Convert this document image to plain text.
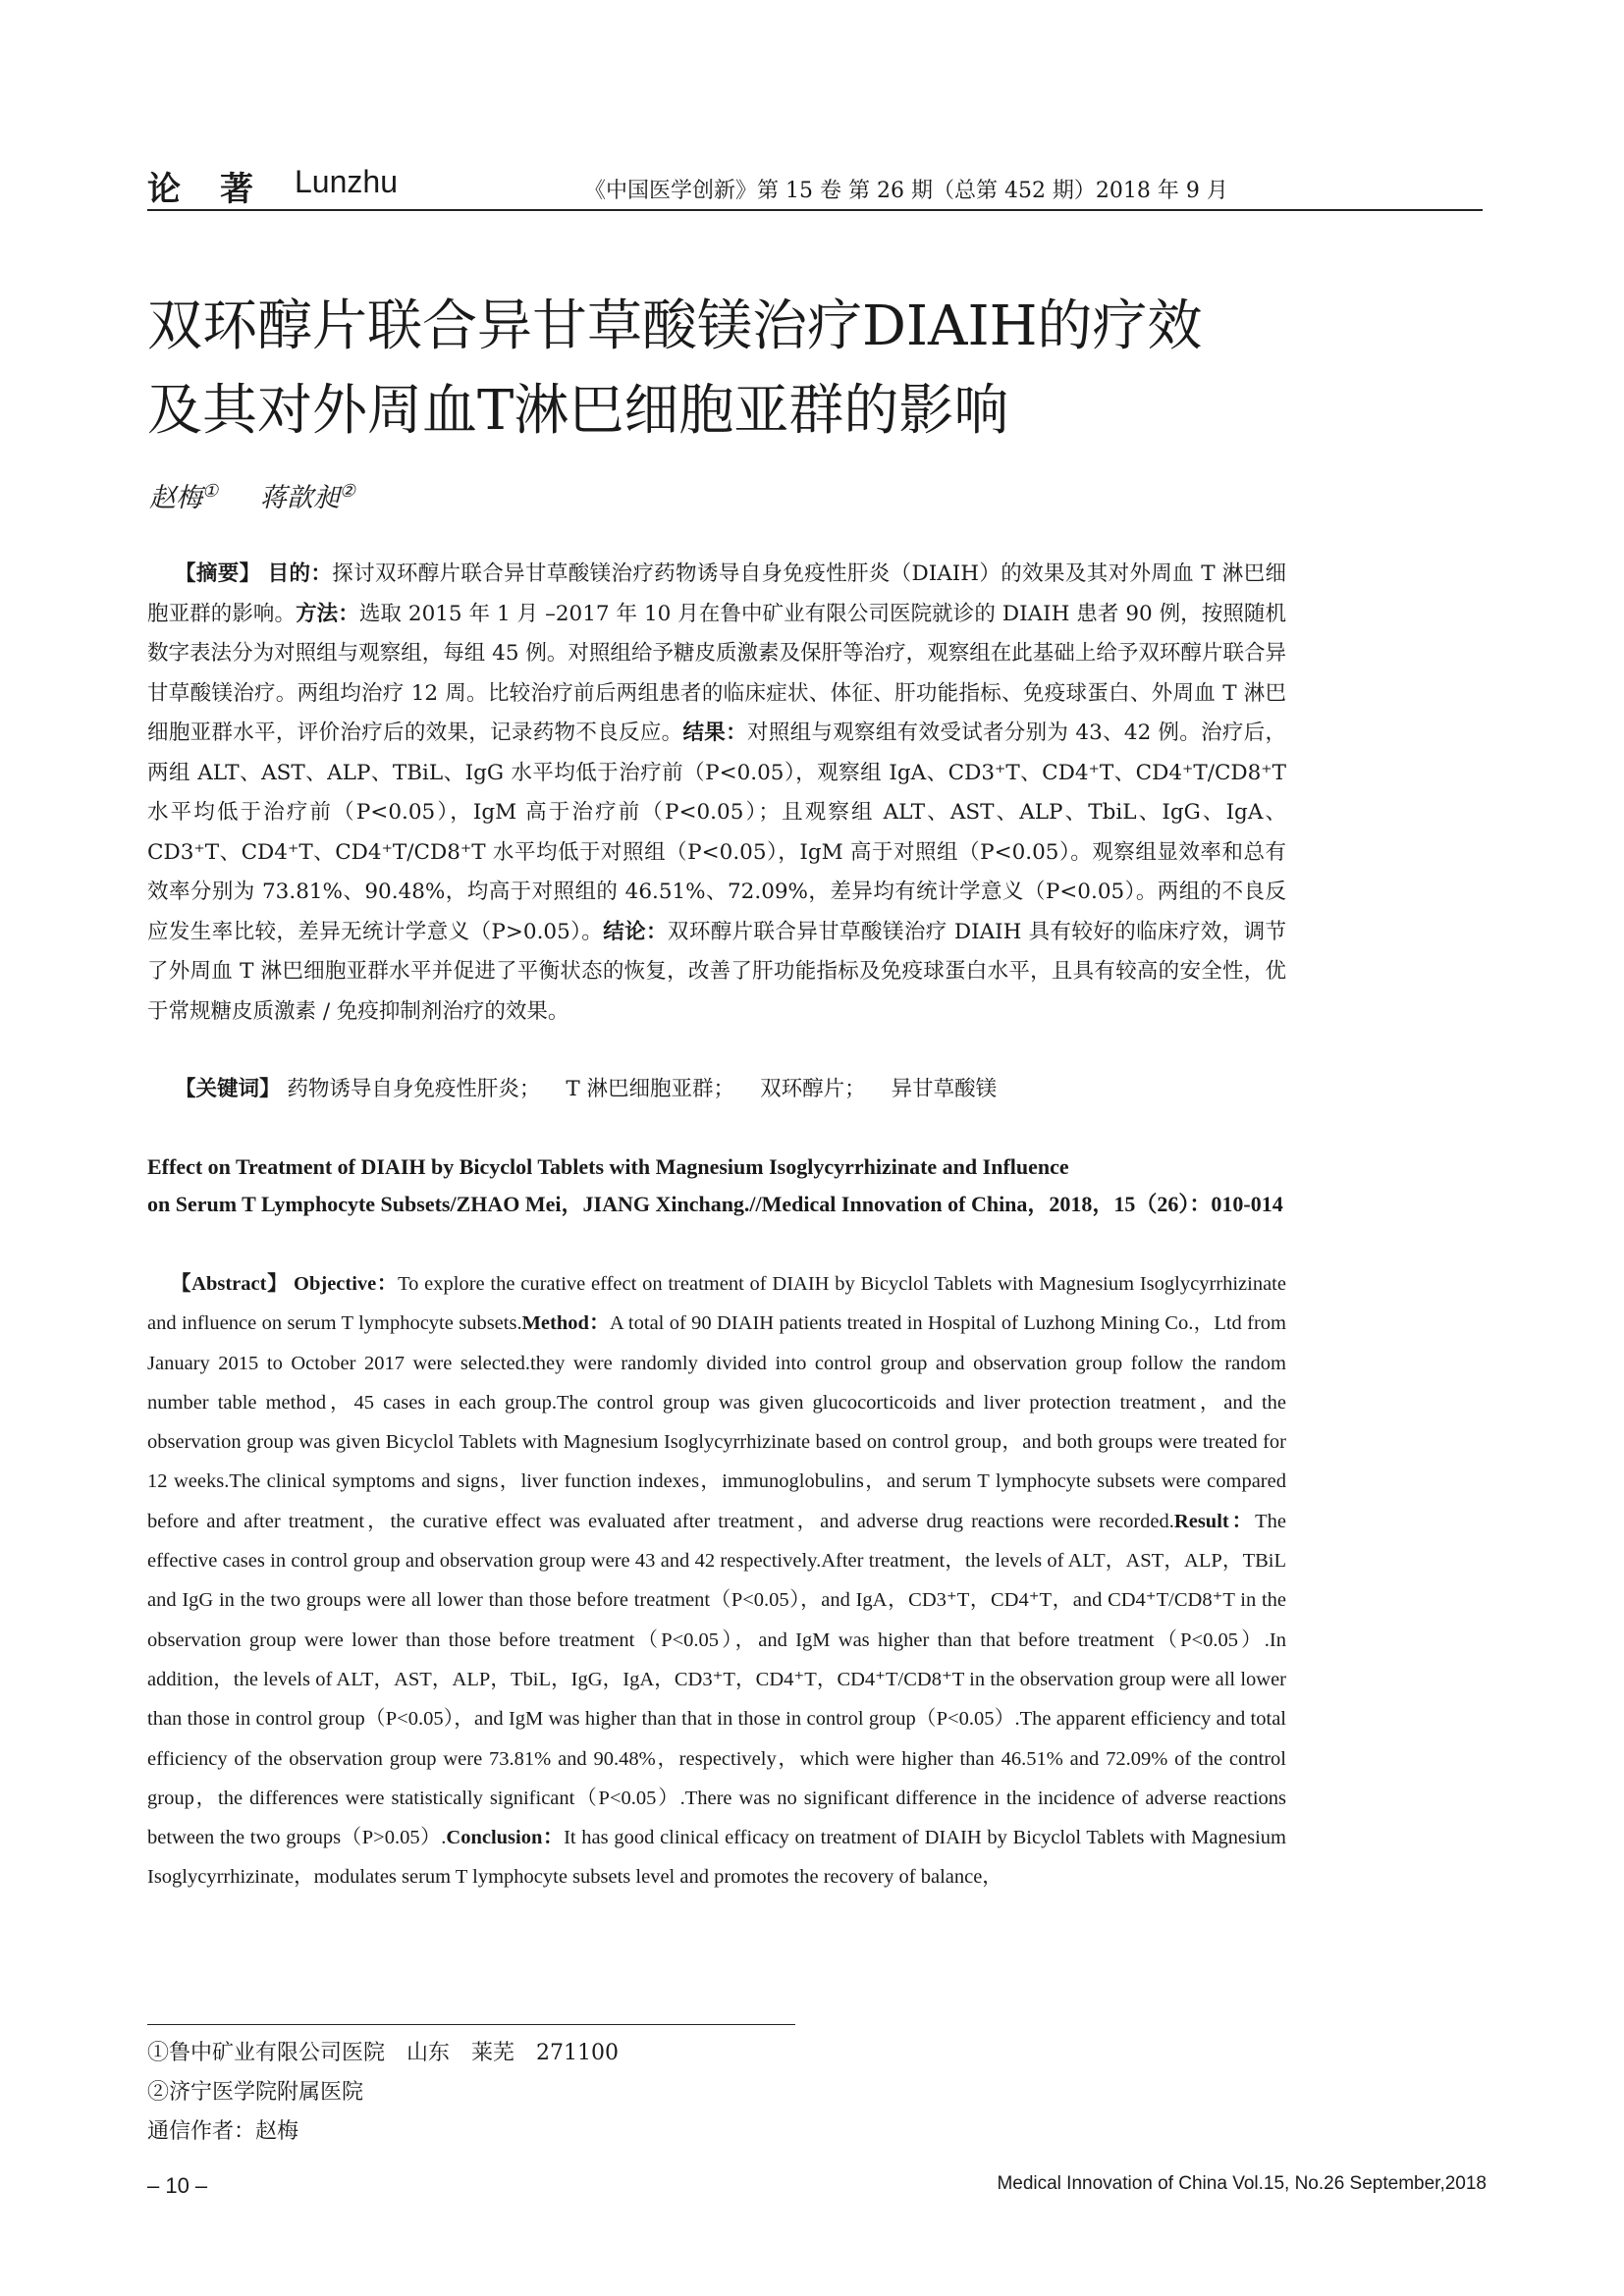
论著 Lunzhu	《中国医学创新》第 15 卷 第 26 期（总第 452 期）2018 年 9 月
双环醇片联合异甘草酸镁治疗DIAIH的疗效
及其对外周血T淋巴细胞亚群的影响
赵梅① 蒋歆昶②
【摘要】 目的：探讨双环醇片联合异甘草酸镁治疗药物诱导自身免疫性肝炎（DIAIH）的效果及其对外周血 T 淋巴细胞亚群的影响。方法：选取 2015 年 1 月 –2017 年 10 月在鲁中矿业有限公司医院就诊的 DIAIH 患者 90 例，按照随机数字表法分为对照组与观察组，每组 45 例。对照组给予糖皮质激素及保肝等治疗，观察组在此基础上给予双环醇片联合异甘草酸镁治疗。两组均治疗 12 周。比较治疗前后两组患者的临床症状、体征、肝功能指标、免疫球蛋白、外周血 T 淋巴细胞亚群水平，评价治疗后的效果，记录药物不良反应。结果：对照组与观察组有效受试者分别为 43、42 例。治疗后，两组 ALT、AST、ALP、TBiL、IgG 水平均低于治疗前（P<0.05），观察组 IgA、CD3⁺T、CD4⁺T、CD4⁺T/CD8⁺T 水平均低于治疗前（P<0.05），IgM 高于治疗前（P<0.05）；且观察组 ALT、AST、ALP、TbiL、IgG、IgA、CD3⁺T、CD4⁺T、CD4⁺T/CD8⁺T 水平均低于对照组（P<0.05），IgM 高于对照组（P<0.05）。观察组显效率和总有效率分别为 73.81%、90.48%，均高于对照组的 46.51%、72.09%，差异均有统计学意义（P<0.05）。两组的不良反应发生率比较，差异无统计学意义（P>0.05）。结论：双环醇片联合异甘草酸镁治疗 DIAIH 具有较好的临床疗效，调节了外周血 T 淋巴细胞亚群水平并促进了平衡状态的恢复，改善了肝功能指标及免疫球蛋白水平，且具有较高的安全性，优于常规糖皮质激素 / 免疫抑制剂治疗的效果。
【关键词】 药物诱导自身免疫性肝炎； T 淋巴细胞亚群； 双环醇片； 异甘草酸镁
Effect on Treatment of DIAIH by Bicyclol Tablets with Magnesium Isoglycyrrhizinate and Influence
on Serum T Lymphocyte Subsets/ZHAO Mei，JIANG Xinchang.//Medical Innovation of China，2018，15（26）：010-014
【Abstract】 Objective：To explore the curative effect on treatment of DIAIH by Bicyclol Tablets with Magnesium Isoglycyrrhizinate and influence on serum T lymphocyte subsets.Method：A total of 90 DIAIH patients treated in Hospital of Luzhong Mining Co.，Ltd from January 2015 to October 2017 were selected.they were randomly divided into control group and observation group follow the random number table method，45 cases in each group.The control group was given glucocorticoids and liver protection treatment，and the observation group was given Bicyclol Tablets with Magnesium Isoglycyrrhizinate based on control group，and both groups were treated for 12 weeks.The clinical symptoms and signs，liver function indexes，immunoglobulins，and serum T lymphocyte subsets were compared before and after treatment，the curative effect was evaluated after treatment，and adverse drug reactions were recorded.Result：The effective cases in control group and observation group were 43 and 42 respectively.After treatment，the levels of ALT，AST，ALP，TBiL and IgG in the two groups were all lower than those before treatment（P<0.05），and IgA，CD3⁺T，CD4⁺T，and CD4⁺T/CD8⁺T in the observation group were lower than those before treatment（P<0.05），and IgM was higher than that before treatment（P<0.05）.In addition，the levels of ALT，AST，ALP，TbiL，IgG，IgA，CD3⁺T，CD4⁺T，CD4⁺T/CD8⁺T in the observation group were all lower than those in control group（P<0.05），and IgM was higher than that in those in control group（P<0.05）.The apparent efficiency and total efficiency of the observation group were 73.81% and 90.48%，respectively，which were higher than 46.51% and 72.09% of the control group，the differences were statistically significant（P<0.05）.There was no significant difference in the incidence of adverse reactions between the two groups（P>0.05）.Conclusion：It has good clinical efficacy on treatment of DIAIH by Bicyclol Tablets with Magnesium Isoglycyrrhizinate，modulates serum T lymphocyte subsets level and promotes the recovery of balance，
①鲁中矿业有限公司医院　山东　莱芜　271100
②济宁医学院附属医院
通信作者：赵梅
– 10 –	Medical Innovation of China Vol.15, No.26 September,2018
